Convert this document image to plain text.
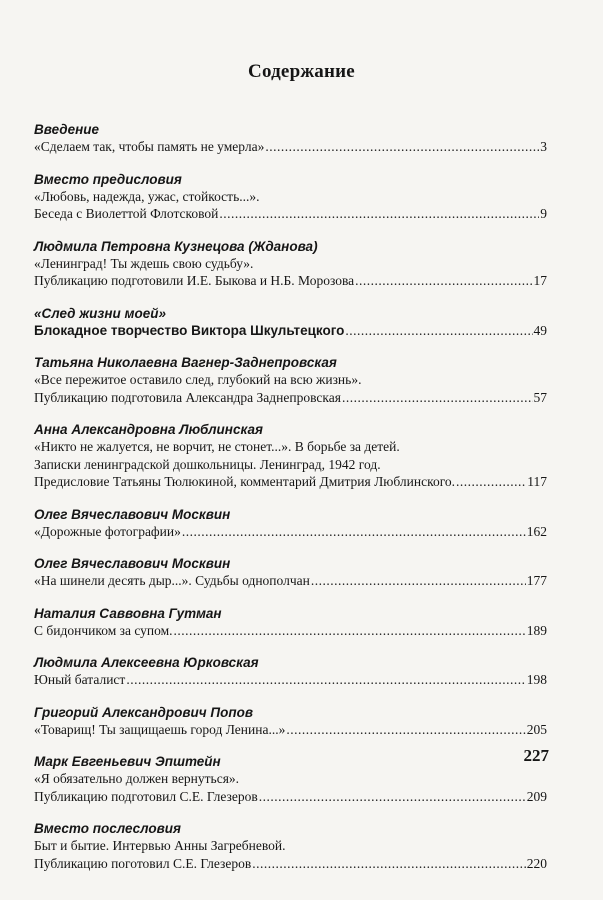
Содержание
Введение
«Сделаем так, чтобы память не умерла» .....	3
Вместо предисловия
«Любовь, надежда, ужас, стойкость...».
Беседа с Виолеттой Флотсковой .....	9
Людмила Петровна Кузнецова (Жданова)
«Ленинград! Ты ждешь свою судьбу».
Публикацию подготовили И.Е. Быкова и Н.Б. Морозова .....	17
«След жизни моей»
Блокадное творчество Виктора Шкультецкого .....	49
Татьяна Николаевна Вагнер-Заднепровская
«Все пережитое оставило след, глубокий на всю жизнь».
Публикацию подготовила Александра Заднепровская .....	57
Анна Александровна Люблинская
«Никто не жалуется, не ворчит, не стонет...». В борьбе за детей.
Записки ленинградской дошкольницы. Ленинград, 1942 год.
Предисловие Татьяны Тюлюкиной, комментарий Дмитрия Люблинского. .....	117
Олег Вячеславович Москвин
«Дорожные фотографии» .....	162
Олег Вячеславович Москвин
«На шинели десять дыр...». Судьбы однополчан .....	177
Наталия Саввовна Гутман
С бидончиком за супом. .....	189
Людмила Алексеевна Юрковская
Юный баталист .....	198
Григорий Александрович Попов
«Товарищ! Ты защищаешь город Ленина...» .....	205
Марк Евгеньевич Эпштейн
«Я обязательно должен вернуться».
Публикацию подготовил С.Е. Глезеров .....	209
Вместо послесловия
Быт и бытие. Интервью Анны Загребневой.
Публикацию поготовил С.Е. Глезеров .....	220
227
